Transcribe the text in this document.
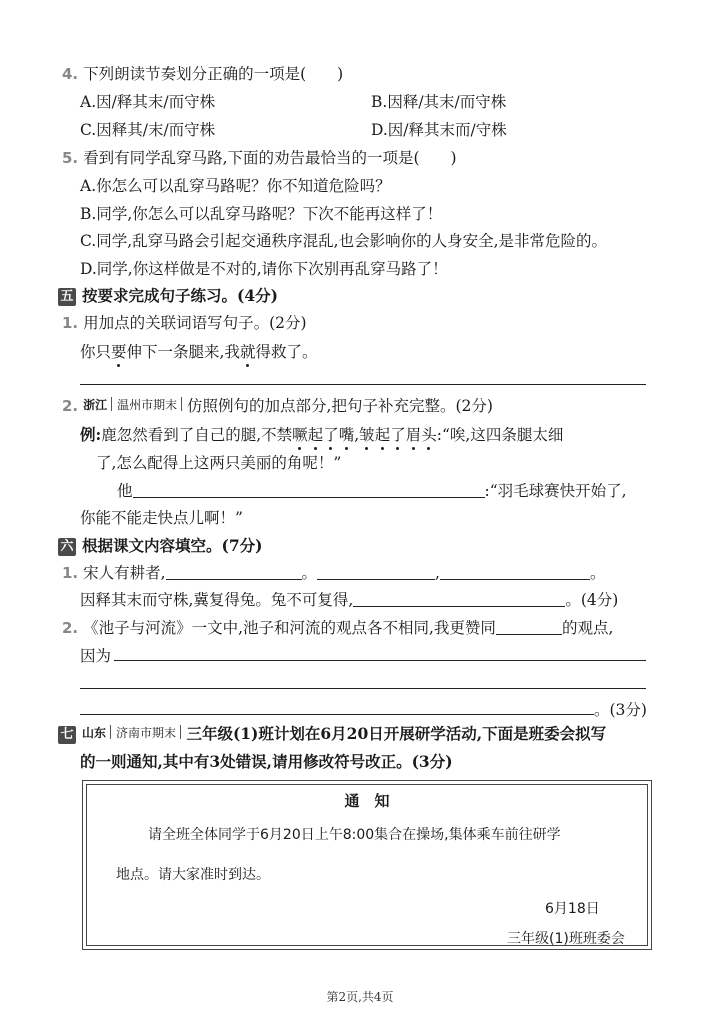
4. 下列朗读节奏划分正确的一项是(　　)
A.因/释其末/而守株	B.因释/其末/而守株
C.因释其/末/而守株	D.因/释其末而/守株
5. 看到有同学乱穿马路,下面的劝告最恰当的一项是(　　)
A.你怎么可以乱穿马路呢？你不知道危险吗？
B.同学,你怎么可以乱穿马路呢？下次不能再这样了！
C.同学,乱穿马路会引起交通秩序混乱,也会影响你的人身安全,是非常危险的。
D.同学,你这样做是不对的,请你下次别再乱穿马路了！
五 按要求完成句子练习。(4分)
1. 用加点的关联词语写句子。(2分)
你只要伸下一条腿来,我就得救了。
2. 浙江 温州市期末 仿照例句的加点部分,把句子补充完整。(2分)
例:鹿忽然看到了自己的腿,不禁噘起了嘴,皱起了眉头:“唉,这四条腿太细
了,怎么配得上这两只美丽的角呢！”
他	:“羽毛球赛快开始了,
你能不能走快点儿啊！”
六 根据课文内容填空。(7分)
1. 宋人有耕者,	。	,	。
因释其末而守株,冀复得兔。兔不可复得,	。(4分)
2. 《池子与河流》一文中,池子和河流的观点各不相同,我更赞同	的观点,
因为
。(3分)
七 山东 济南市期末 三年级(1)班计划在6月20日开展研学活动,下面是班委会拟写
的一则通知,其中有3处错误,请用修改符号改正。(3分)
通　知
请全班全体同学于6月20日上午8:00集合在操场,集体乘车前往研学
地点。请大家准时到达。
6月18日
三年级(1)班班委会
第2页,共4页
